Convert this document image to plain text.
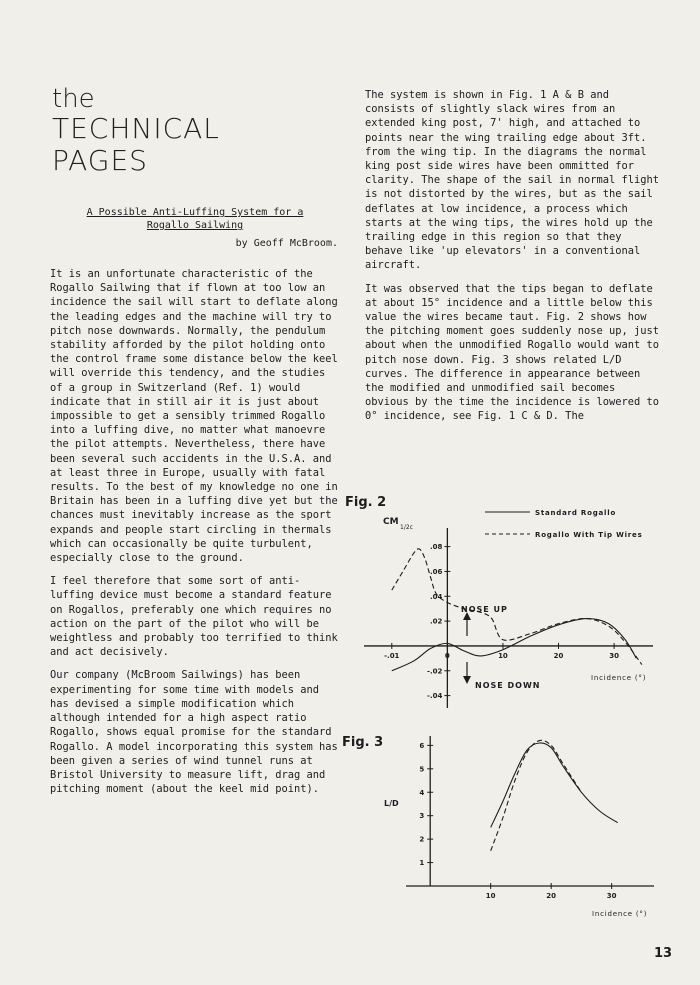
the
TECHNICAL
PAGES
A Possible Anti-Luffing System for a
Rogallo Sailwing
by Geoff McBroom.

It is an unfortunate characteristic of the Rogallo Sailwing that if flown at too low an incidence the sail will start to deflate along the leading edges and the machine will try to pitch nose downwards. Normally, the pendulum stability afforded by the pilot holding onto the control frame some distance below the keel will override this tendency, and the studies of a group in Switzerland (Ref. 1) would indicate that in still air it is just about impossible to get a sensibly trimmed Rogallo into a luffing dive, no matter what manoevre the pilot attempts. Nevertheless, there have been several such accidents in the U.S.A. and at least three in Europe, usually with fatal results. To the best of my knowledge no one in Britain has been in a luffing dive yet but the chances must inevitably increase as the sport expands and people start circling in thermals which can occasionally be quite turbulent, especially close to the ground.

I feel therefore that some sort of anti-luffing device must become a standard feature on Rogallos, preferably one which requires no action on the part of the pilot who will be weightless and probably too terrified to think and act decisively.

Our company (McBroom Sailwings) has been experimenting for some time with models and has devised a simple modification which although intended for a high aspect ratio Rogallo, shows equal promise for the standard Rogallo. A model incorporating this system has been given a series of wind tunnel runs at Bristol University to measure lift, drag and pitching moment (about the keel mid point).

The system is shown in Fig. 1 A & B and consists of slightly slack wires from an extended king post, 7' high, and attached to points near the wing trailing edge about 3ft. from the wing tip. In the diagrams the normal king post side wires have been ommitted for clarity. The shape of the sail in normal flight is not distorted by the wires, but as the sail deflates at low incidence, a process which starts at the wing tips, the wires hold up the trailing edge in this region so that they behave like 'up elevators' in a conventional aircraft.

It was observed that the tips began to deflate at about 15° incidence and a little below this value the wires became taut. Fig. 2 shows how the pitching moment goes suddenly nose up, just about when the unmodified Rogallo would want to pitch nose down. Fig. 3 shows related L/D curves. The difference in appearance between the modified and unmodified sail becomes obvious by the time the incidence is lowered to 0° incidence, see Fig. 1 C & D. The

Fig. 2
CM
1/2c
Standard Rogallo
Rogallo With Tip Wires
-.01	0	10	20	30
.08
.06
.04
.02
-.02
-.04
NOSE UP
NOSE DOWN
Incidence (°)
Fig. 3
L/D
10	20	30
1
2
3
4
5
6
Incidence (°)
13
